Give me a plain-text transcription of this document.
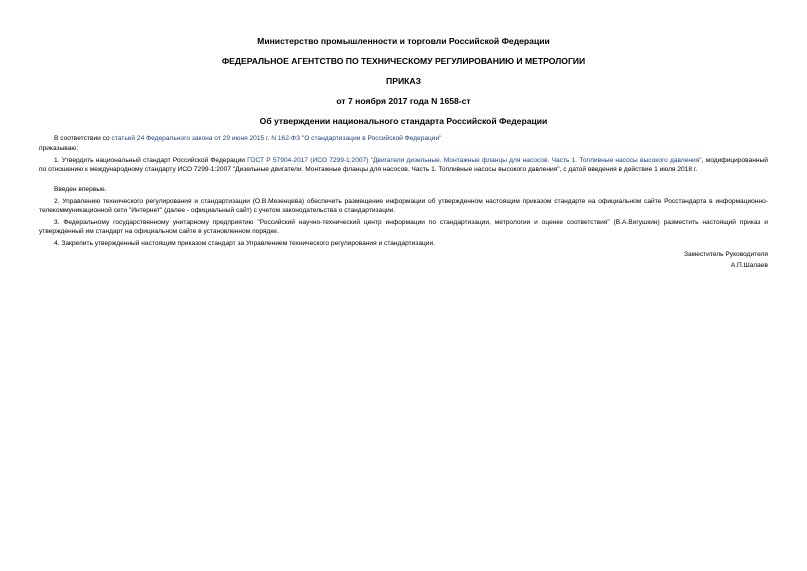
Министерство промышленности и торговли Российской Федерации
ФЕДЕРАЛЬНОЕ АГЕНТСТВО ПО ТЕХНИЧЕСКОМУ РЕГУЛИРОВАНИЮ И МЕТРОЛОГИИ
ПРИКАЗ
от 7 ноября 2017 года N 1658-ст
Об утверждении национального стандарта Российской Федерации
В соответствии со статьей 24 Федерального закона от 29 июня 2015 г. N 162-ФЗ "О стандартизации в Российской Федерации"
приказываю:
1. Утвердить национальный стандарт Российской Федерации ГОСТ Р 57904-2017 (ИСО 7299-1:2007) "Двигатели дизельные. Монтажные фланцы для насосов. Часть 1. Топливные насосы высокого давления", модифицированный по отношению к международному стандарту ИСО 7299-1:2007 "Дизельные двигатели. Монтажные фланцы для насосов. Часть 1. Топливные насосы высокого давления", с датой введения в действие 1 июля 2018 г.
Введен впервые.
2. Управлению технического регулирования и стандартизации (О.В.Мезенцева) обеспечить размещение информации об утвержденном настоящим приказом стандарте на официальном сайте Росстандарта в информационно-телекоммуникационной сети "Интернет" (далее - официальный сайт) с учетом законодательства о стандартизации.
3. Федеральному государственному унитарному предприятию "Российский научно-технический центр информации по стандартизации, метрологии и оценке соответствия" (В.А.Вигушкин) разместить настоящий приказ и утвержденный им стандарт на официальном сайте в установленном порядке.
4. Закрепить утвержденный настоящим приказом стандарт за Управлением технического регулирования и стандартизации.
Заместитель Руководителя
А.П.Шалаев
